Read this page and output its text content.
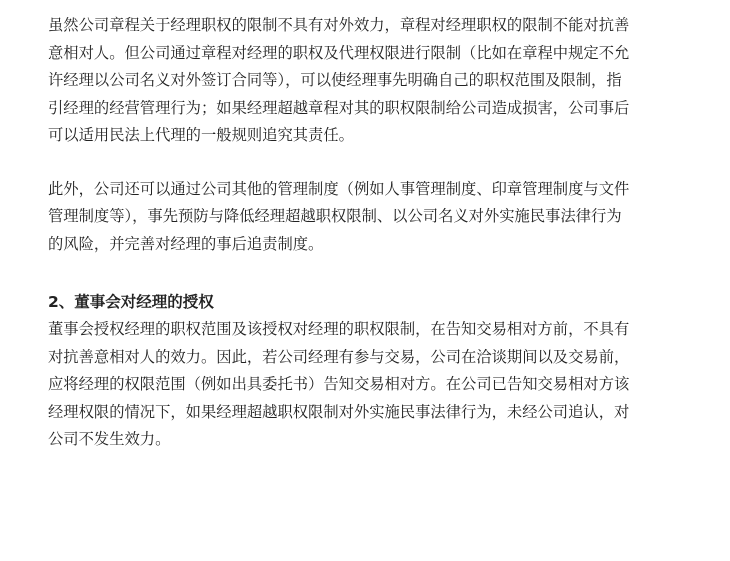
虽然公司章程关于经理职权的限制不具有对外效力，章程对经理职权的限制不能对抗善
意相对人。但公司通过章程对经理的职权及代理权限进行限制（比如在章程中规定不允
许经理以公司名义对外签订合同等），可以使经理事先明确自己的职权范围及限制，指
引经理的经营管理行为；如果经理超越章程对其的职权限制给公司造成损害，公司事后
可以适用民法上代理的一般规则追究其责任。

此外，公司还可以通过公司其他的管理制度（例如人事管理制度、印章管理制度与文件
管理制度等），事先预防与降低经理超越职权限制、以公司名义对外实施民事法律行为
的风险，并完善对经理的事后追责制度。

2、董事会对经理的授权

董事会授权经理的职权范围及该授权对经理的职权限制，在告知交易相对方前，不具有
对抗善意相对人的效力。因此，若公司经理有参与交易，公司在洽谈期间以及交易前，
应将经理的权限范围（例如出具委托书）告知交易相对方。在公司已告知交易相对方该
经理权限的情况下，如果经理超越职权限制对外实施民事法律行为，未经公司追认，对
公司不发生效力。
